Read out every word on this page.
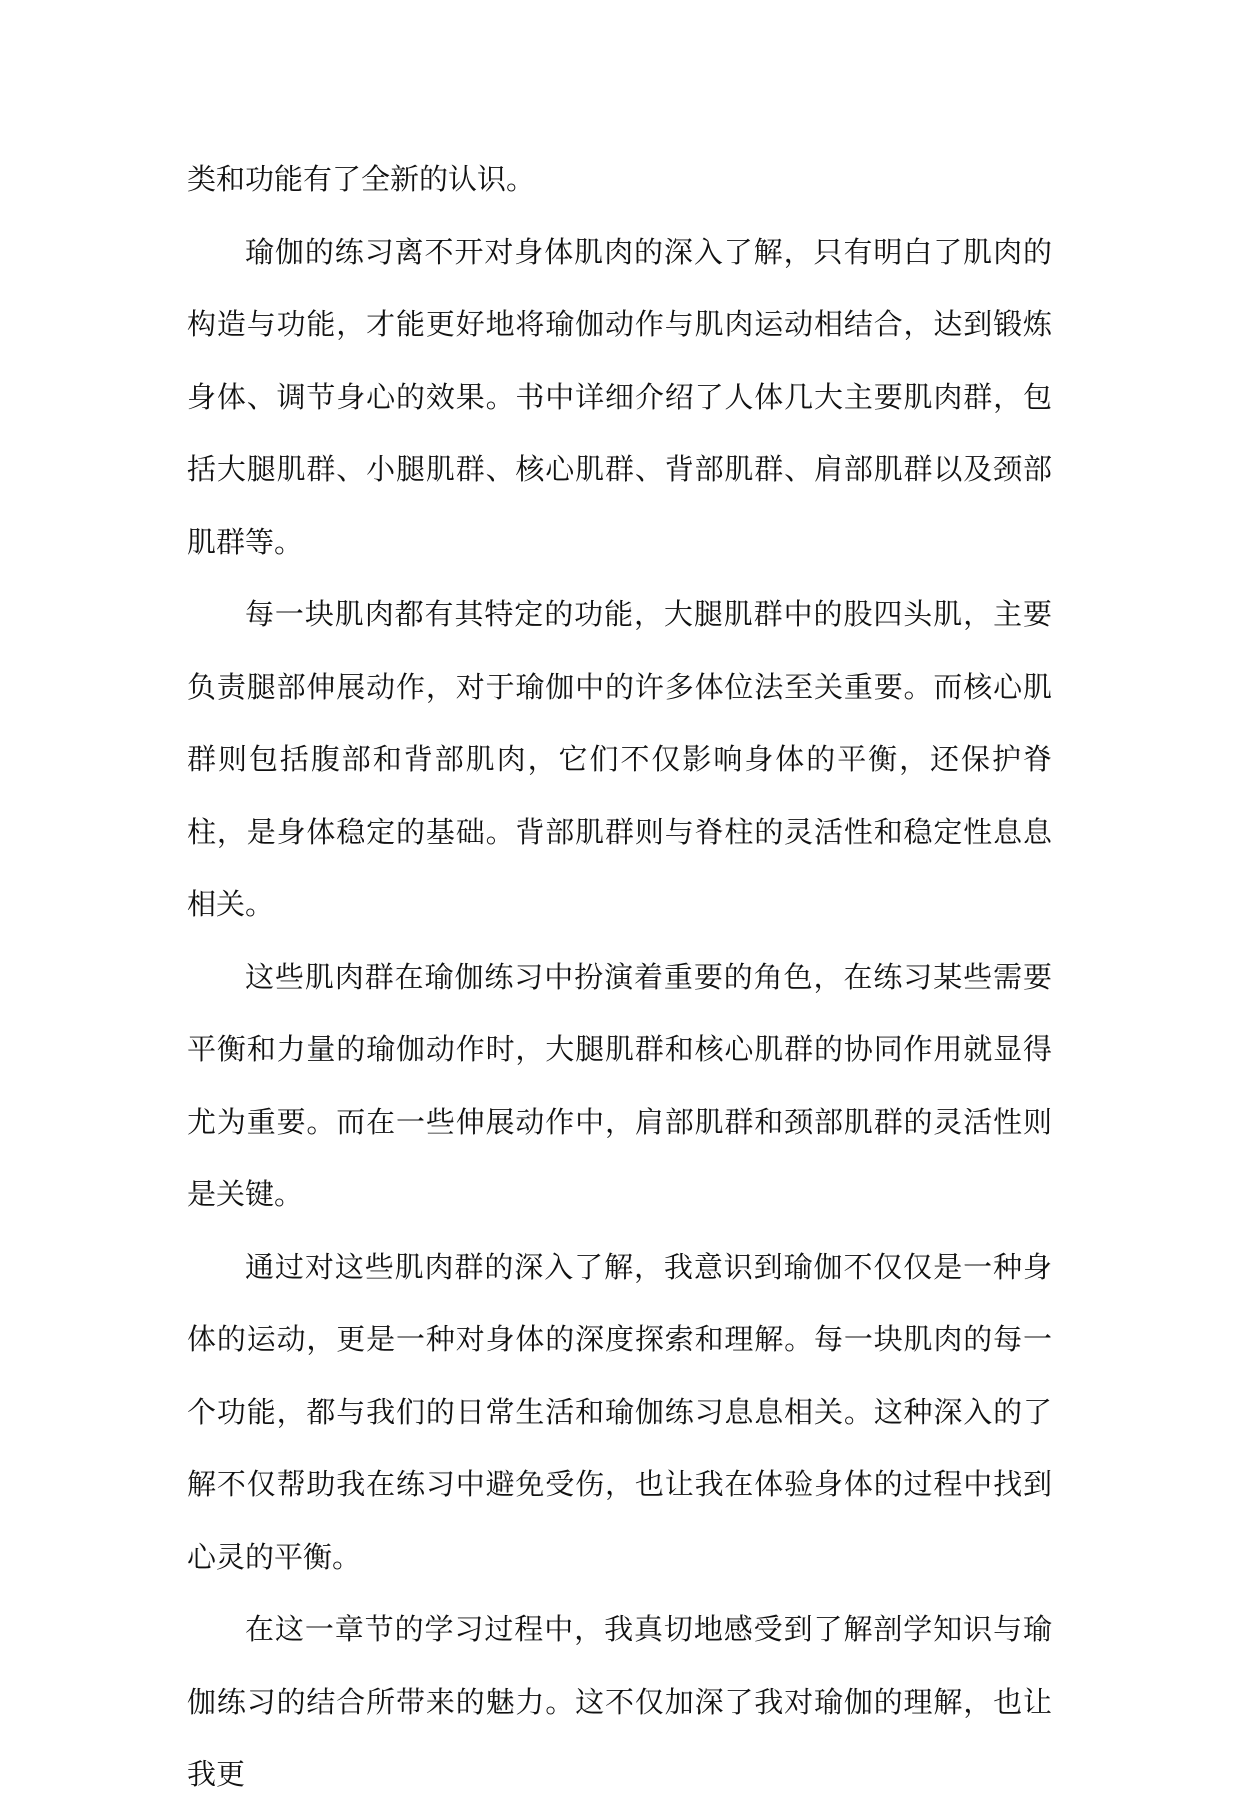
类和功能有了全新的认识。

瑜伽的练习离不开对身体肌肉的深入了解，只有明白了肌肉的构造与功能，才能更好地将瑜伽动作与肌肉运动相结合，达到锻炼身体、调节身心的效果。书中详细介绍了人体几大主要肌肉群，包括大腿肌群、小腿肌群、核心肌群、背部肌群、肩部肌群以及颈部肌群等。

每一块肌肉都有其特定的功能，大腿肌群中的股四头肌，主要负责腿部伸展动作，对于瑜伽中的许多体位法至关重要。而核心肌群则包括腹部和背部肌肉，它们不仅影响身体的平衡，还保护脊柱，是身体稳定的基础。背部肌群则与脊柱的灵活性和稳定性息息相关。

这些肌肉群在瑜伽练习中扮演着重要的角色，在练习某些需要平衡和力量的瑜伽动作时，大腿肌群和核心肌群的协同作用就显得尤为重要。而在一些伸展动作中，肩部肌群和颈部肌群的灵活性则是关键。

通过对这些肌肉群的深入了解，我意识到瑜伽不仅仅是一种身体的运动，更是一种对身体的深度探索和理解。每一块肌肉的每一个功能，都与我们的日常生活和瑜伽练习息息相关。这种深入的了解不仅帮助我在练习中避免受伤，也让我在体验身体的过程中找到心灵的平衡。

在这一章节的学习过程中，我真切地感受到了解剖学知识与瑜伽练习的结合所带来的魅力。这不仅加深了我对瑜伽的理解，也让我更
